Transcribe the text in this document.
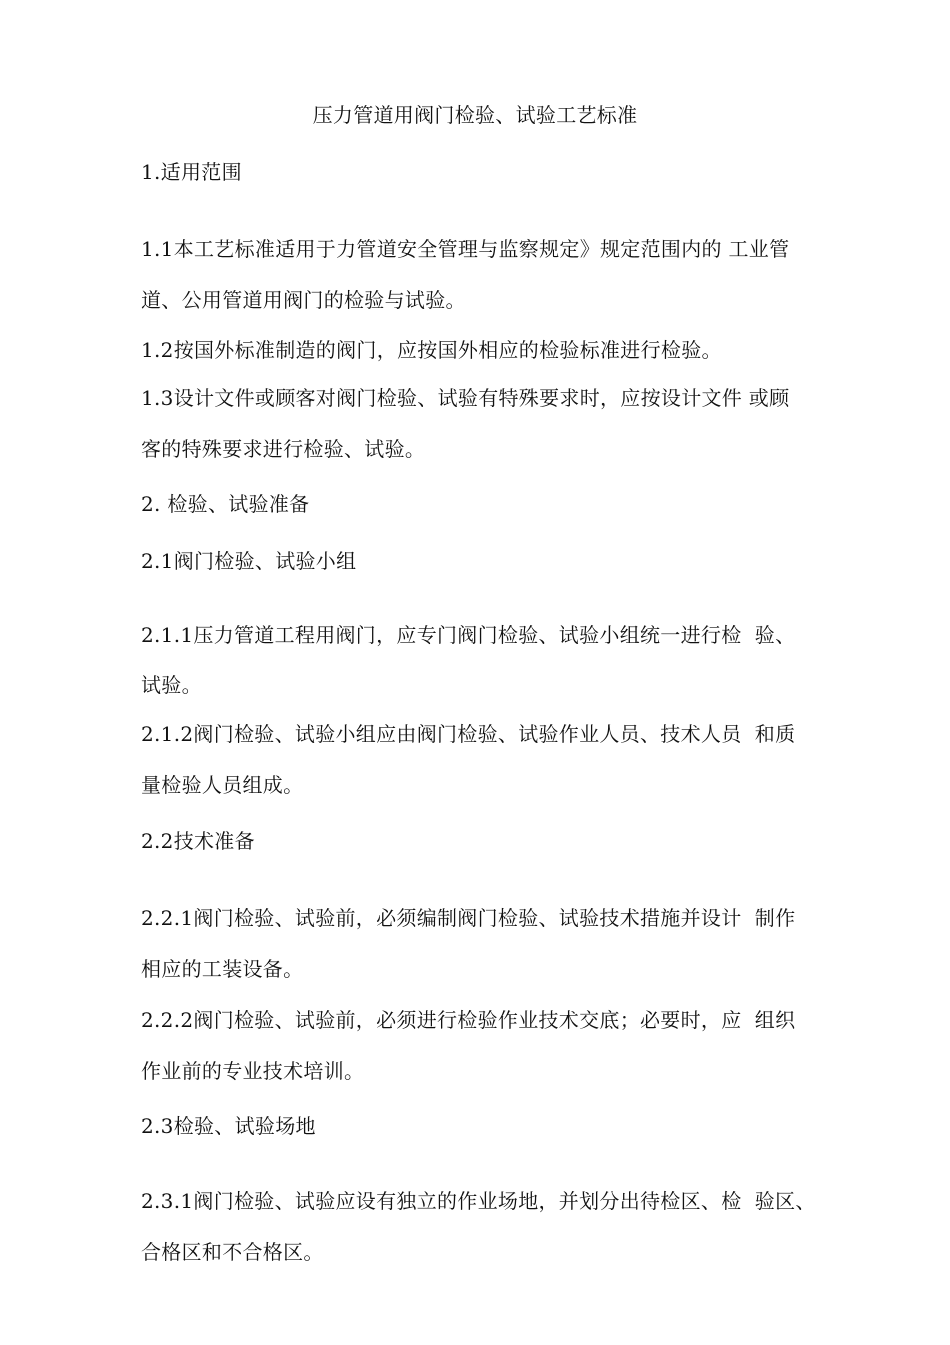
压力管道用阀门检验、试验工艺标准
1.适用范围
1.1本工艺标准适用于力管道安全管理与监察规定》规定范围内的 工业管
道、公用管道用阀门的检验与试验。
1.2按国外标准制造的阀门，应按国外相应的检验标准进行检验。
1.3设计文件或顾客对阀门检验、试验有特殊要求时，应按设计文件 或顾
客的特殊要求进行检验、试验。
2. 检验、试验准备
2.1阀门检验、试验小组
2.1.1压力管道工程用阀门，应专门阀门检验、试验小组统一进行检  验、
试验。
2.1.2阀门检验、试验小组应由阀门检验、试验作业人员、技术人员  和质
量检验人员组成。
2.2技术准备
2.2.1阀门检验、试验前，必须编制阀门检验、试验技术措施并设计  制作
相应的工装设备。
2.2.2阀门检验、试验前，必须进行检验作业技术交底；必要时，应  组织
作业前的专业技术培训。
2.3检验、试验场地
2.3.1阀门检验、试验应设有独立的作业场地，并划分出待检区、检  验区、
合格区和不合格区。
